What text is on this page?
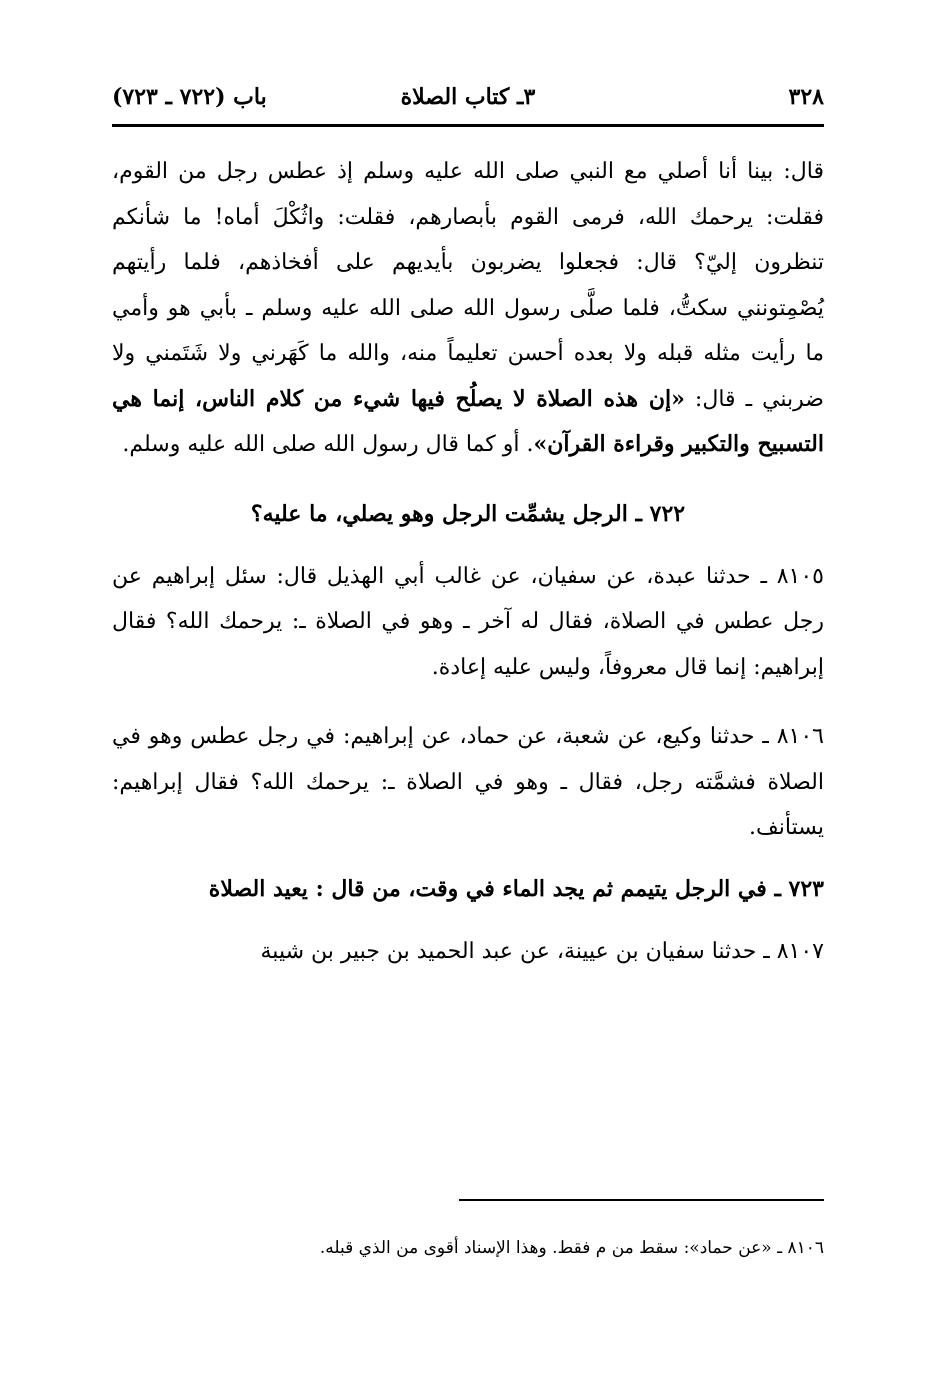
٣٢٨
٣ـ كتاب الصلاة
باب (٧٢٢ ـ ٧٢٣)

قال: بينا أنا أصلي مع النبي صلى الله عليه وسلم إذ عطس رجل من القوم، فقلت: يرحمك الله، فرمى القوم بأبصارهم، فقلت: واثُكْلَ أماه! ما شأنكم تنظرون إليّ؟ قال: فجعلوا يضربون بأيديهم على أفخاذهم، فلما رأيتهم يُصْمِتونني سكتُّ، فلما صلَّى رسول الله صلى الله عليه وسلم ـ بأبي هو وأمي ما رأيت مثله قبله ولا بعده أحسن تعليماً منه، والله ما كَهَرني ولا شَتَمني ولا ضربني ـ قال: «إن هذه الصلاة لا يصلُح فيها شيء من كلام الناس، إنما هي التسبيح والتكبير وقراءة القرآن». أو كما قال رسول الله صلى الله عليه وسلم.

٧٢٢ ـ الرجل يشمِّت الرجل وهو يصلي، ما عليه؟

٨١٠٥ ـ حدثنا عبدة، عن سفيان، عن غالب أبي الهذيل قال: سئل إبراهيم عن رجل عطس في الصلاة، فقال له آخر ـ وهو في الصلاة ـ: يرحمك الله؟ فقال إبراهيم: إنما قال معروفاً، وليس عليه إعادة.

٨١٠٦ ـ حدثنا وكيع، عن شعبة، عن حماد، عن إبراهيم: في رجل عطس وهو في الصلاة فشمَّته رجل، فقال ـ وهو في الصلاة ـ: يرحمك الله؟ فقال إبراهيم: يستأنف.

٧٢٣ ـ في الرجل يتيمم ثم يجد الماء في وقت، من قال : يعيد الصلاة

٨١٠٧ ـ حدثنا سفيان بن عيينة، عن عبد الحميد بن جبير بن شيبة

٨١٠٦ ـ «عن حماد»: سقط من م فقط. وهذا الإسناد أقوى من الذي قبله.
